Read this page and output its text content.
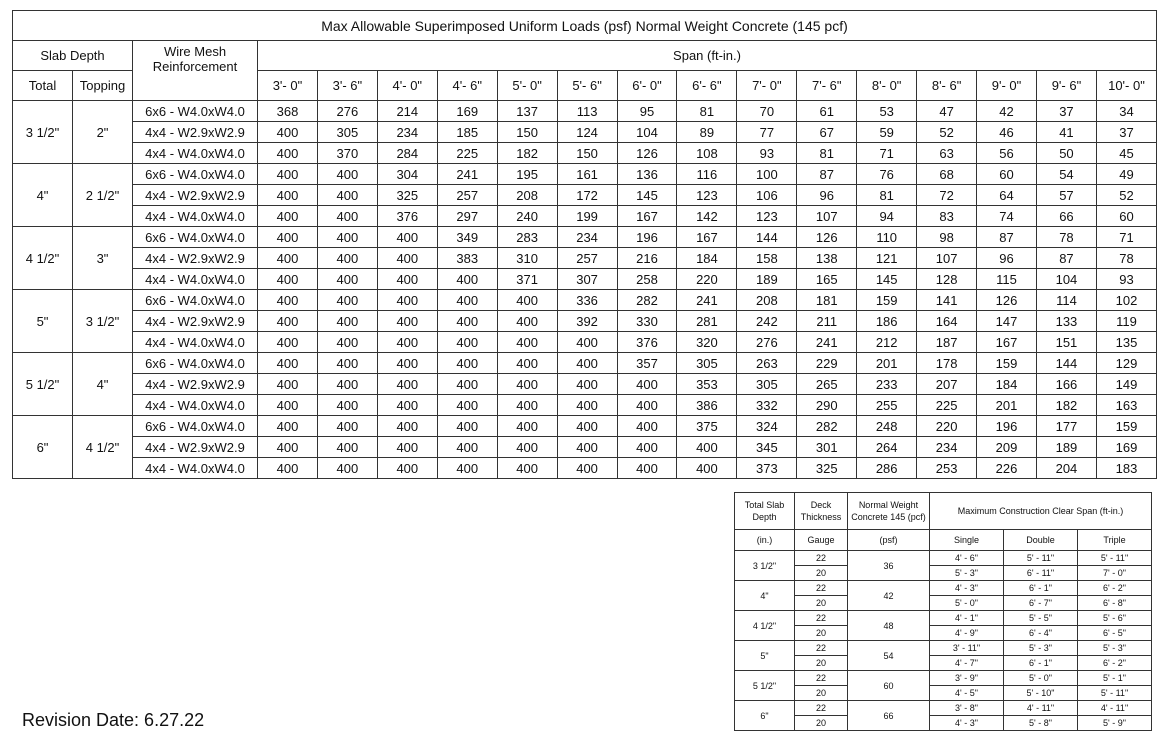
Max Allowable Superimposed Uniform Loads (psf) Normal Weight Concrete (145 pcf)																	
Slab Depth		Wire Mesh Reinforcement	Span (ft-in.)														
Total	Topping		3'- 0"	3'- 6"	4'- 0"	4'- 6"	5'- 0"	5'- 6"	6'- 0"	6'- 6"	7'- 0"	7'- 6"	8'- 0"	8'- 6"	9'- 0"	9'- 6"	10'- 0"
3 1/2"	2"	6x6 - W4.0xW4.0	368	276	214	169	137	113	95	81	70	61	53	47	42	37	34
		4x4 - W2.9xW2.9	400	305	234	185	150	124	104	89	77	67	59	52	46	41	37
		4x4 - W4.0xW4.0	400	370	284	225	182	150	126	108	93	81	71	63	56	50	45
4"	2 1/2"	6x6 - W4.0xW4.0	400	400	304	241	195	161	136	116	100	87	76	68	60	54	49
		4x4 - W2.9xW2.9	400	400	325	257	208	172	145	123	106	96	81	72	64	57	52
		4x4 - W4.0xW4.0	400	400	376	297	240	199	167	142	123	107	94	83	74	66	60
4 1/2"	3"	6x6 - W4.0xW4.0	400	400	400	349	283	234	196	167	144	126	110	98	87	78	71
		4x4 - W2.9xW2.9	400	400	400	383	310	257	216	184	158	138	121	107	96	87	78
		4x4 - W4.0xW4.0	400	400	400	400	371	307	258	220	189	165	145	128	115	104	93
5"	3 1/2"	6x6 - W4.0xW4.0	400	400	400	400	400	336	282	241	208	181	159	141	126	114	102
		4x4 - W2.9xW2.9	400	400	400	400	400	392	330	281	242	211	186	164	147	133	119
		4x4 - W4.0xW4.0	400	400	400	400	400	400	376	320	276	241	212	187	167	151	135
5 1/2"	4"	6x6 - W4.0xW4.0	400	400	400	400	400	400	357	305	263	229	201	178	159	144	129
		4x4 - W2.9xW2.9	400	400	400	400	400	400	400	353	305	265	233	207	184	166	149
		4x4 - W4.0xW4.0	400	400	400	400	400	400	400	386	332	290	255	225	201	182	163
6"	4 1/2"	6x6 - W4.0xW4.0	400	400	400	400	400	400	400	375	324	282	248	220	196	177	159
		4x4 - W2.9xW2.9	400	400	400	400	400	400	400	400	345	301	264	234	209	189	169
		4x4 - W4.0xW4.0	400	400	400	400	400	400	400	400	373	325	286	253	226	204	183
Total Slab Depth	Deck Thickness	Normal Weight Concrete 145 (pcf)	Maximum Construction Clear Span (ft-in.)		
(in.)	Gauge	(psf)	Single	Double	Triple
3 1/2"	22	36	4' - 6"	5' - 11"	5' - 11"
	20		5' - 3"	6' - 11"	7' - 0"
4"	22	42	4' - 3"	6' - 1"	6' - 2"
	20		5' - 0"	6' - 7"	6' - 8"
4 1/2"	22	48	4' - 1"	5' - 5"	5' - 6"
	20		4' - 9"	6' - 4"	6' - 5"
5"	22	54	3' - 11"	5' - 3"	5' - 3"
	20		4' - 7"	6' - 1"	6' - 2"
5 1/2"	22	60	3' - 9"	5' - 0"	5' - 1"
	20		4' - 5"	5' - 10"	5' - 11"
6"	22	66	3' - 8"	4' - 11"	4' - 11"
	20		4' - 3"	5' - 8"	5' - 9"
Revision Date: 6.27.22
